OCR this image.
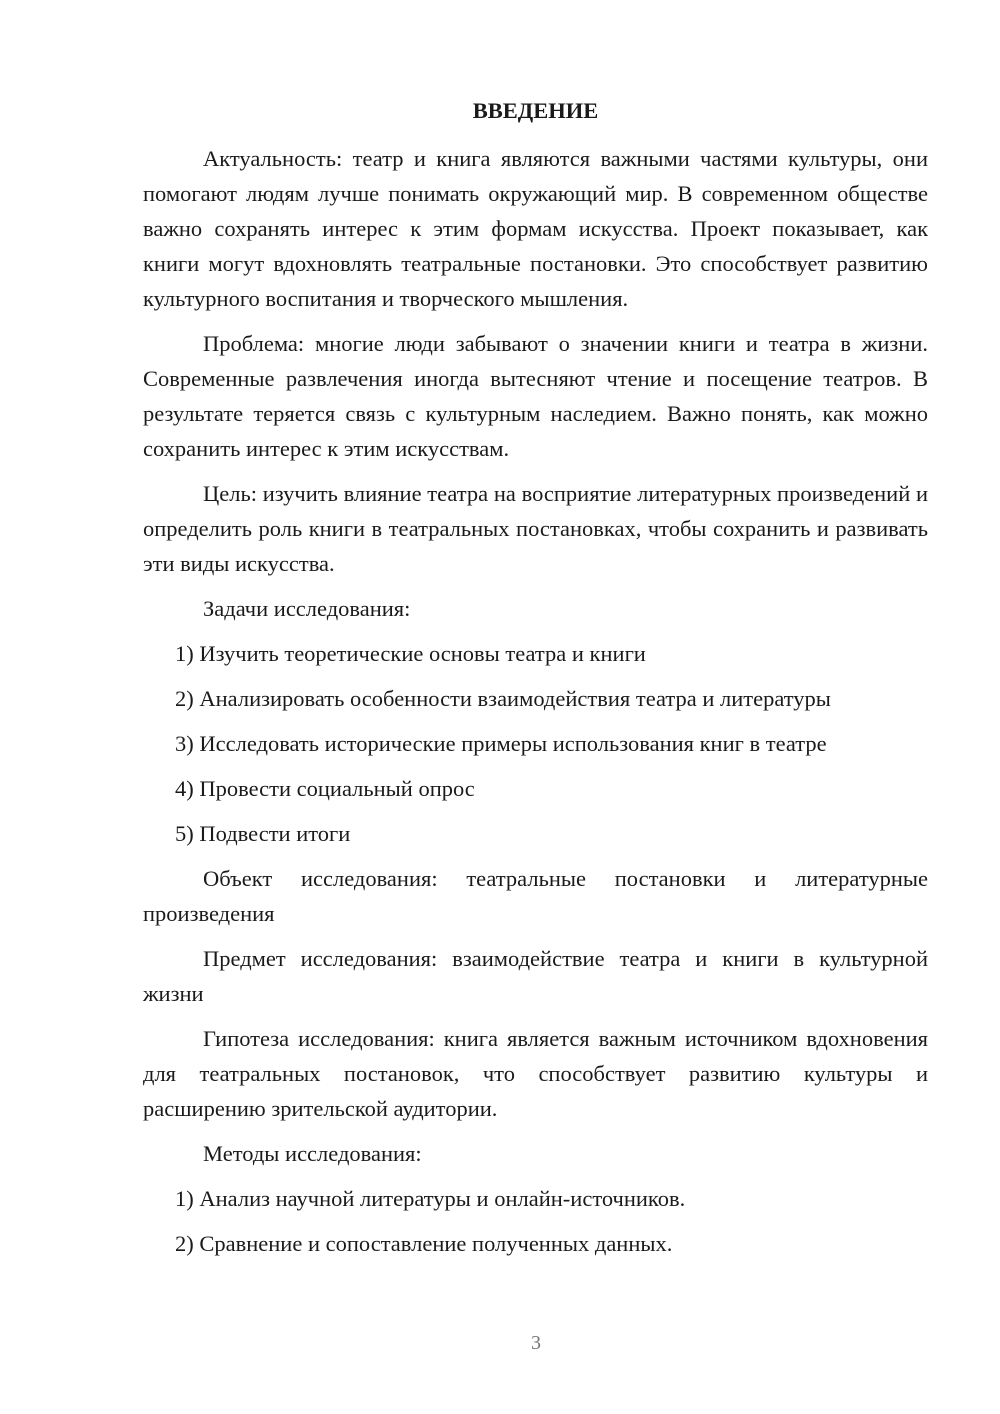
ВВЕДЕНИЕ

Актуальность: театр и книга являются важными частями культуры, они помогают людям лучше понимать окружающий мир. В современном обществе важно сохранять интерес к этим формам искусства. Проект показывает, как книги могут вдохновлять театральные постановки. Это способствует развитию культурного воспитания и творческого мышления.

Проблема: многие люди забывают о значении книги и театра в жизни. Современные развлечения иногда вытесняют чтение и посещение театров. В результате теряется связь с культурным наследием. Важно понять, как можно сохранить интерес к этим искусствам.

Цель: изучить влияние театра на восприятие литературных произведений и определить роль книги в театральных постановках, чтобы сохранить и развивать эти виды искусства.

Задачи исследования:

1) Изучить теоретические основы театра и книги
2) Анализировать особенности взаимодействия театра и литературы
3) Исследовать исторические примеры использования книг в театре
4) Провести социальный опрос
5) Подвести итоги

Объект исследования: театральные постановки и литературные произведения

Предмет исследования: взаимодействие театра и книги в культурной жизни

Гипотеза исследования: книга является важным источником вдохновения для театральных постановок, что способствует развитию культуры и расширению зрительской аудитории.

Методы исследования:

1) Анализ научной литературы и онлайн-источников.
2) Сравнение и сопоставление полученных данных.
3
